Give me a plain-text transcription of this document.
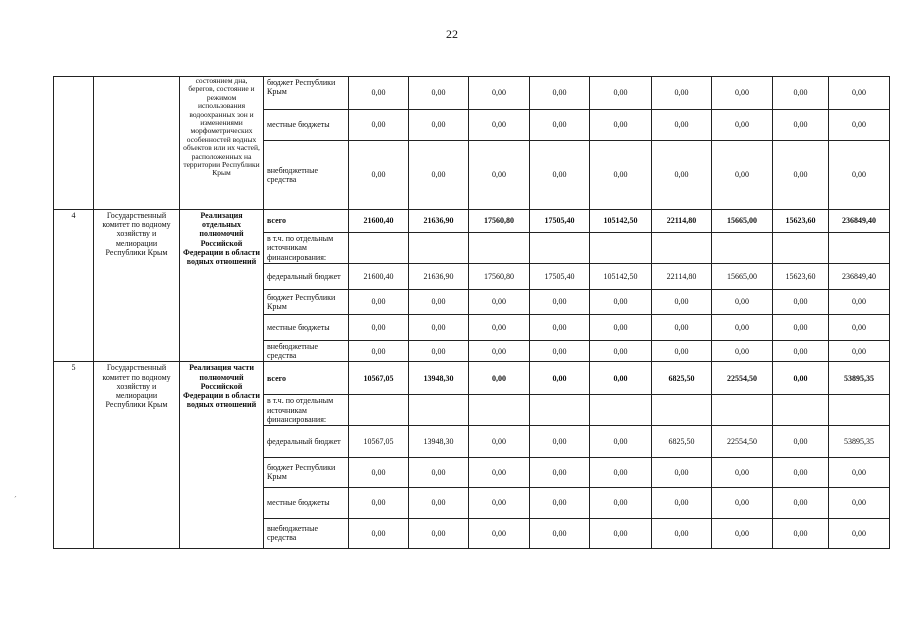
22
ˊ
		состоянием дна, берегов, состояние и режимом использования водоохранных зон и изменениями морфометрических особенностей водных объектов или их частей, расположенных на территории Республики Крым	бюджет Республики Крым	0,00	0,00	0,00	0,00	0,00	0,00	0,00	0,00	0,00
			местные бюджеты	0,00	0,00	0,00	0,00	0,00	0,00	0,00	0,00	0,00
			внебюджетные средства	0,00	0,00	0,00	0,00	0,00	0,00	0,00	0,00	0,00
4	Государственный комитет по водному хозяйству и мелиорации Республики Крым	Реализация отдельных полномочий Российской Федерации в области водных отношений	всего	21600,40	21636,90	17560,80	17505,40	105142,50	22114,80	15665,00	15623,60	236849,40
			в т.ч. по отдельным источникам финансирования:									
			федеральный бюджет	21600,40	21636,90	17560,80	17505,40	105142,50	22114,80	15665,00	15623,60	236849,40
			бюджет Республики Крым	0,00	0,00	0,00	0,00	0,00	0,00	0,00	0,00	0,00
			местные бюджеты	0,00	0,00	0,00	0,00	0,00	0,00	0,00	0,00	0,00
			внебюджетные средства	0,00	0,00	0,00	0,00	0,00	0,00	0,00	0,00	0,00
5	Государственный комитет по водному хозяйству и мелиорации Республики Крым	Реализация части полномочий Российской Федерации в области водных отношений	всего	10567,05	13948,30	0,00	0,00	0,00	6825,50	22554,50	0,00	53895,35
			в т.ч. по отдельным источникам финансирования:									
			федеральный бюджет	10567,05	13948,30	0,00	0,00	0,00	6825,50	22554,50	0,00	53895,35
			бюджет Республики Крым	0,00	0,00	0,00	0,00	0,00	0,00	0,00	0,00	0,00
			местные бюджеты	0,00	0,00	0,00	0,00	0,00	0,00	0,00	0,00	0,00
			внебюджетные средства	0,00	0,00	0,00	0,00	0,00	0,00	0,00	0,00	0,00
